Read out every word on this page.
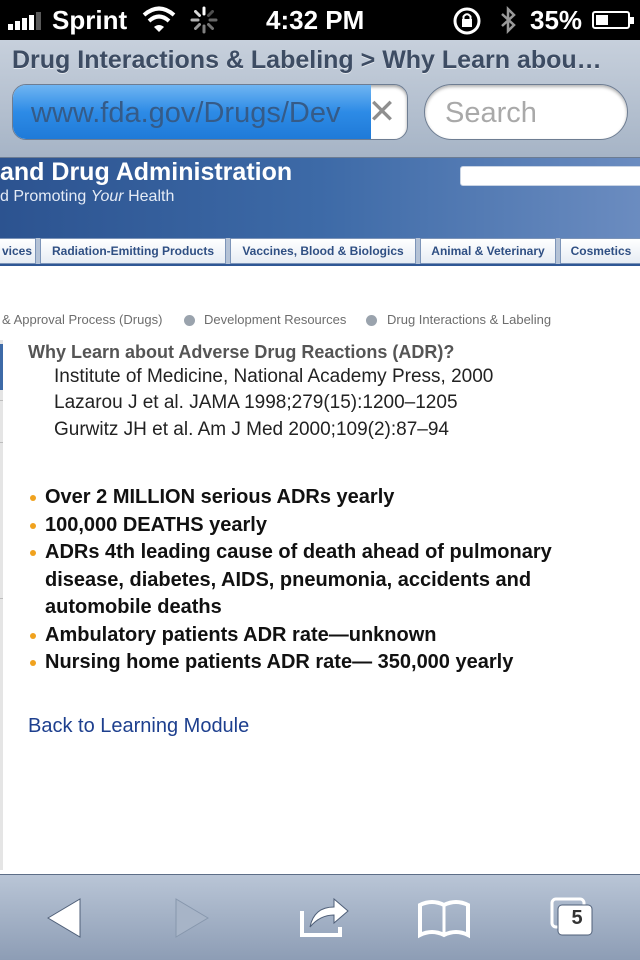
Sprint	4:32 PM	35%
Drug Interactions & Labeling > Why Learn abou…
www.fda.gov/Drugs/Dev ✕ Search
and Drug Administration
d Promoting Your Health
vices	Radiation-Emitting Products	Vaccines, Blood & Biologics	Animal & Veterinary	Cosmetics
& Approval Process (Drugs)	Development Resources	Drug Interactions & Labeling
Why Learn about Adverse Drug Reactions (ADR)?
Institute of Medicine, National Academy Press, 2000
Lazarou J et al. JAMA 1998;279(15):1200–1205
Gurwitz JH et al. Am J Med 2000;109(2):87–94
Over 2 MILLION serious ADRs yearly
100,000 DEATHS yearly
ADRs 4th leading cause of death ahead of pulmonary disease, diabetes, AIDS, pneumonia, accidents and automobile deaths
Ambulatory patients ADR rate—unknown
Nursing home patients ADR rate— 350,000 yearly
Back to Learning Module
5
